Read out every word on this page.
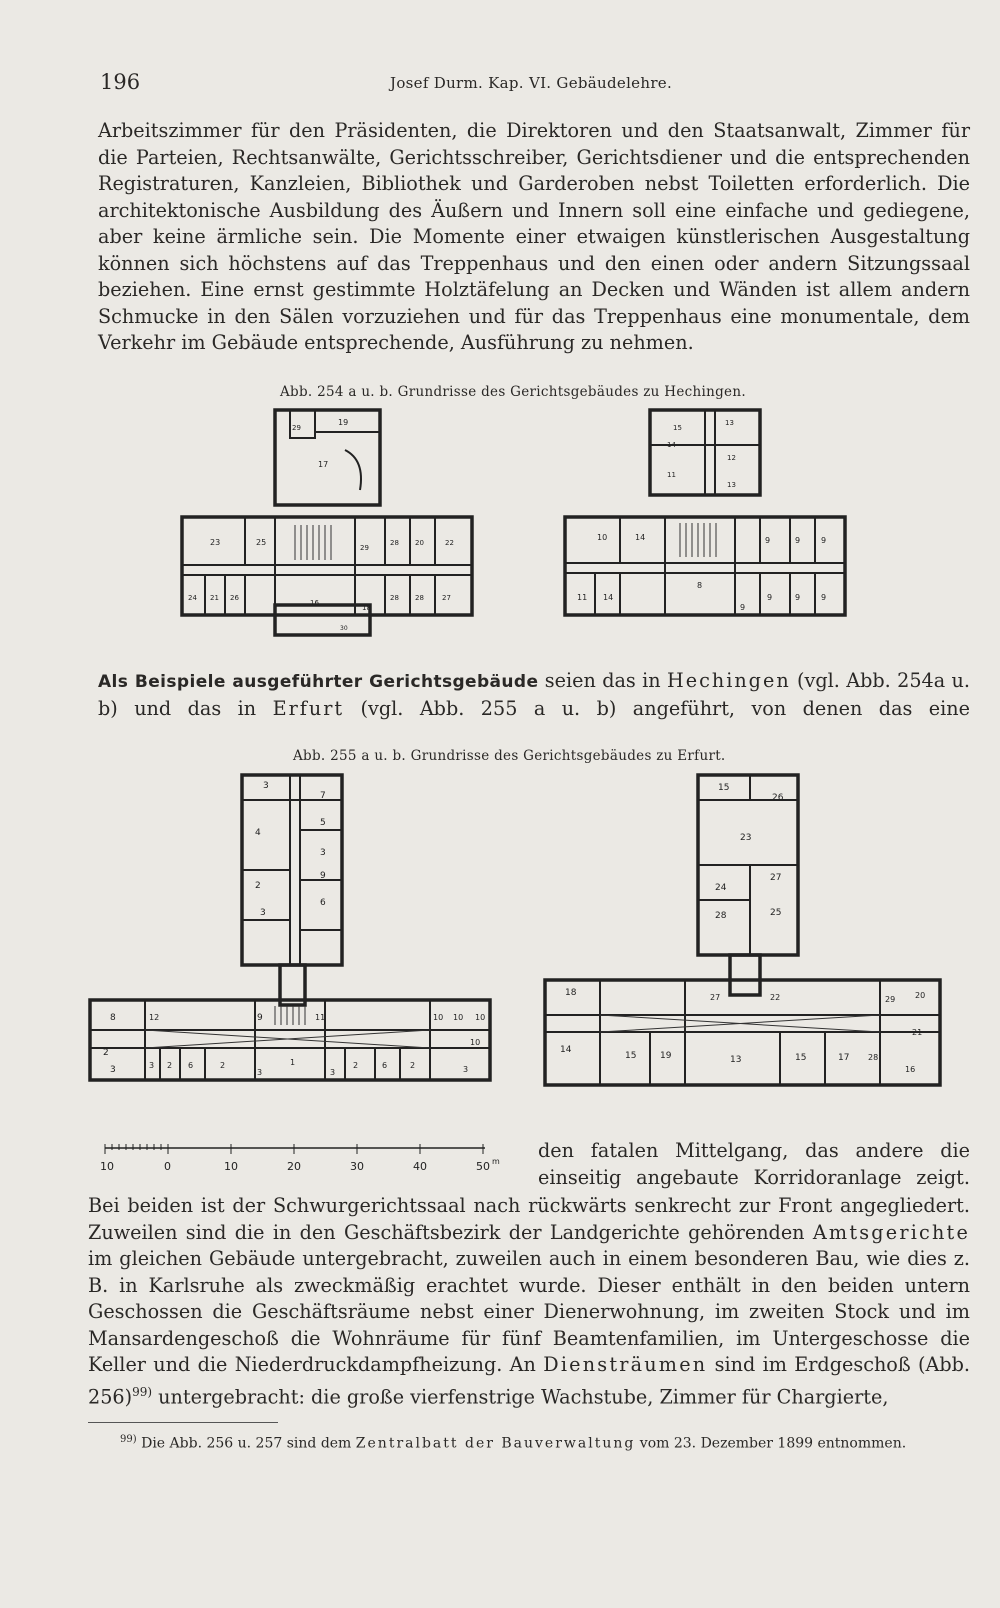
196	Josef Durm. Kap. VI. Gebäudelehre.
Arbeitszimmer für den Präsidenten, die Direktoren und den Staatsanwalt, Zimmer für die Parteien, Rechtsanwälte, Gerichtsschreiber, Gerichtsdiener und die entsprechenden Registraturen, Kanzleien, Bibliothek und Garderoben nebst Toiletten erforderlich. Die architektonische Ausbildung des Äußern und Innern soll eine einfache und gediegene, aber keine ärmliche sein. Die Momente einer etwaigen künstlerischen Ausgestaltung können sich höchstens auf das Treppenhaus und den einen oder andern Sitzungssaal beziehen. Eine ernst gestimmte Holztäfelung an Decken und Wänden ist allem andern Schmucke in den Sälen vorzuziehen und für das Treppenhaus eine monumentale, dem Verkehr im Gebäude entsprechende, Ausführung zu nehmen.
Abb. 254 a u. b. Grundrisse des Gerichtsgebäudes zu Hechingen.
19
29
17
23	25
29
28 20	22
24 21 26
16
18
28 28	27
30
15
13
14
12
11
13
10	14	9	9	9
11 14
8
9
9	9	9
Als Beispiele ausgeführter Gerichtsgebäude seien das in Hechingen (vgl. Abb. 254a u. b) und das in Erfurt (vgl. Abb. 255 a u. b) angeführt, von denen das eine
Abb. 255 a u. b. Grundrisse des Gerichtsgebäudes zu Erfurt.
3
7
4
5
3
2
9
3
6
8	12	9	11	10 10 10
2
3	3 2 6	2
3
1
3
2	6	2	3
10
15
26
23
24
27
28	25
18	27	22	29 20
14
15	19	13	15	17 28
21
16
10	0	10	20	30	40	50 m den fatalen Mittelgang, das andere die einseitig angebaute Korridoranlage zeigt.
Bei beiden ist der Schwurgerichtssaal nach rückwärts senkrecht zur Front angegliedert. Zuweilen sind die in den Geschäftsbezirk der Landgerichte gehörenden Amtsgerichte im gleichen Gebäude untergebracht, zuweilen auch in einem besonderen Bau, wie dies z. B. in Karlsruhe als zweckmäßig erachtet wurde. Dieser enthält in den beiden untern Geschossen die Geschäftsräume nebst einer Dienerwohnung, im zweiten Stock und im Mansardengeschoß die Wohnräume für fünf Beamtenfamilien, im Untergeschosse die Keller und die Niederdruckdampfheizung. An Diensträumen sind im Erdgeschoß (Abb. 256)$^{99)}$ untergebracht: die große vierfenstrige Wachstube, Zimmer für Chargierte,
$^{99)}$ Die Abb. 256 u. 257 sind dem Zentralbatt der Bauverwaltung vom 23. Dezember 1899 entnommen.
